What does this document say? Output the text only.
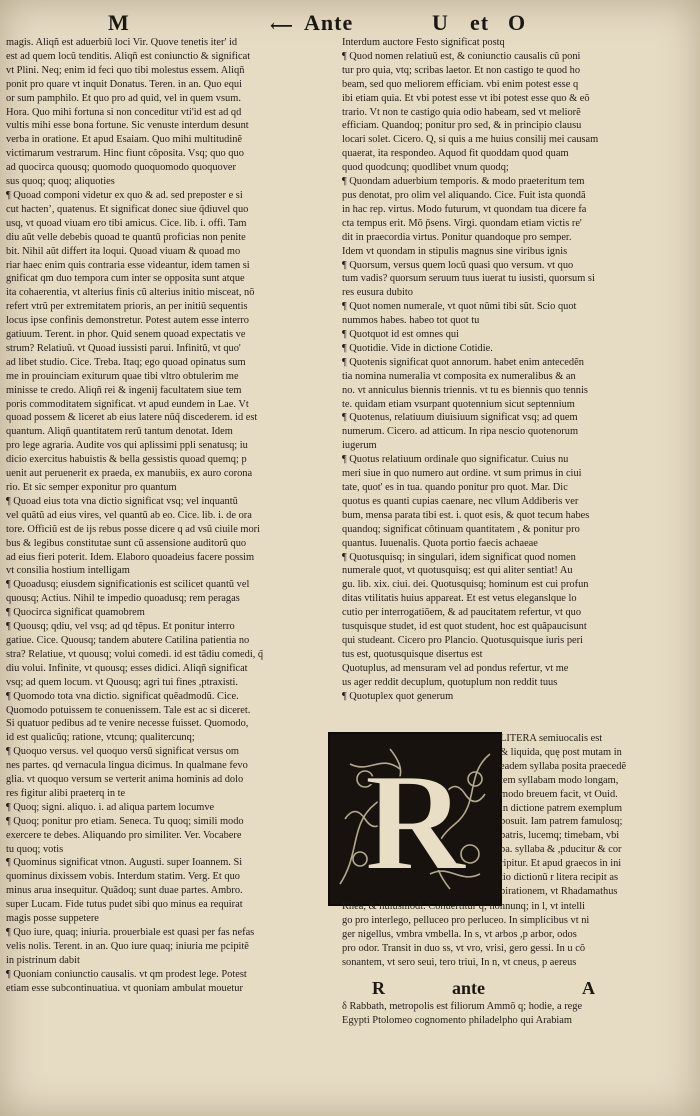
M	⟵ Ante	U et O
magis. Aliqñ est aduerbiũ loci Vir. Quove tenetis iter' id
est ad quem locũ tenditis. Aliqñ est coniunctio & significat
vt Plini. Neq; enim id feci quo tibi molestus essem. Aliqñ
ponit pro quare vt inquit Donatus. Teren. in an. Quo equi
or sum pamphilo. Et quo pro ad quid, vel in quem vsum.
Hora. Quo mihi fortuna si non conceditur vti'id est ad qd
vultis mihi esse bona fortune. Sic venuste interdum desunt
verba in oratione. Et apud Esaiam. Quo mihi multitudinẽ
victimarum vestrarum. Hinc fiunt cõposita. Vsq; quo quo
ad quocirca quousq; quomodo quoquomodo quoquover
sus quoq; quoq; aliquoties
¶ Quoad componi videtur ex quo & ad. sed preposter e si
cut hactenʼ, quatenus. Et significat donec siue q̃diuvel quo
usq, vt quoad viuam ero tibi amicus. Cice. lib. i. offi. Tam
diu aũt velle debebis quoad te quantũ proficias non penite
bit. Nihil aũt differt ita loqui. Quoad viuam & quoad mo
riar haec enim quis contraria esse videantur, idem tamen si
gnificat qm duo tempora cum inter se opposita sunt atque
ita cohaerentia, vt alterius finis cũ alterius initio misceat, nõ
refert vtrũ per extremitatem prioris, an per initiũ sequentis
locus ipse confinis demonstretur. Potest autem esse interro
gatiuum. Terent. in phor. Quid senem quoad expectatis ve
strum? Relatiuũ. vt Quoad iussisti parui. Infinitũ, vt quo'
ad libet studio. Cice. Treba. Itaq; ego quoad opinatus sum
me in prouinciam exiturum quae tibi vltro obtulerim me
minisse te credo. Aliqñ rei & ingenij facultatem siue tem
poris commoditatem significat. vt apud eundem in Lae. Vt
quoad possem & liceret ab eius latere nũq̃ discederem. id est
quantum. Aliqñ quantitatem rerũ tantum denotat. Idem
pro lege agraria. Audite vos qui aplissimi ppli senatusq; iu
dicio exercitus habuistis & bella gessistis quoad quemq; p
uenit aut peruenerit ex praeda, ex manubiis, ex auro corona
rio. Et sic semper exponitur pro quantum
¶ Quoad eius tota vna dictio significat vsq; vel inquantũ
vel quãtũ ad eius vires, vel quantũ ab eo. Cice. lib. i. de ora
tore. Officiũ est de ijs rebus posse dicere q ad vsũ ciuile mori
bus & legibus constitutae sunt cũ assensione auditorũ quo
ad eius fieri poterit. Idem. Elaboro quoadeius facere possim
vt consilia hostium intelligam
¶ Quoadusq; eiusdem significationis est scilicet quantũ vel
quousq; Actius. Nihil te impedio quoadusq; rem peragas
¶ Quocirca significat quamobrem
¶ Quousq; qdiu, vel vsq; ad qd tẽpus. Et ponitur interro
gatiue. Cice. Quousq; tandem abutere Catilina patientia no
stra? Relatiue, vt quousq; volui comedi. id est tãdiu comedi, q̃
diu volui. Infinite, vt quousq; esses didici. Aliqñ significat
vsq; ad quem locum. vt Quousq; agri tui fines ,ptraxisti.
¶ Quomodo tota vna dictio. significat quẽadmodũ. Cice.
Quomodo potuissem te conuenissem. Tale est ac si diceret.
Si quatuor pedibus ad te venire necesse fuisset. Quomodo,
id est qualicũq; ratione, vtcunq; qualitercunq;
¶ Quoquo versus. vel quoquo versũ significat versus om
nes partes. qd vernacula lingua dicimus. In qualmane fevo
glia. vt quoquo versum se verterit anima hominis ad dolo
res figitur alibi praeterq in te
¶ Quoq; signi. aliquo. i. ad aliqua partem locumve
¶ Quoq; ponitur pro etiam. Seneca. Tu quoq; simili modo
exercere te debes. Aliquando pro similiter. Ver. Vocabere
tu quoq; votis
¶ Quominus significat vtnon. Augusti. super Ioannem. Si
quominus dixissem vobis. Interdum statim. Verg. Et quo
minus arua insequitur. Quãdoq; sunt duae partes. Ambro.
super Lucam. Fide tutus pudet sibi quo minus ea requirat
magis posse suppetere
¶ Quo iure, quaq; iniuria. prouerbiale est quasi per fas nefas
velis nolis. Terent. in an. Quo iure quaq; iniuria me pcipitẽ
in pistrinum dabit
¶ Quoniam coniunctio causalis. vt qm prodest lege. Potest
etiam esse subcontinuatiua. vt quoniam ambulat mouetur
Interdum auctore Festo significat postq
¶ Quod nomen relatiuũ est, & coniunctio causalis cũ poni
tur pro quia, vtq; scribas laetor. Et non castigo te quod ho
beam, sed quo meliorem efficiam. vbi enim potest esse q
ibi etiam quia. Et vbi potest esse vt ibi potest esse quo & eõ
trario. Vt non te castigo quia odio habeam, sed vt meliorẽ
efficiam. Quandoq; ponitur pro sed, & in principio clausu
locari solet. Cicero. Q, si quis a me huius consilij mei causam
quaerat, ita respondeo. Aquod fit quoddam quod quam
quod quodcunq; quodlibet vnum quodq;
¶ Quondam aduerbium temporis. & modo praeteritum tem
pus denotat, pro olim vel aliquando. Cice. Fuit ista quondã
in hac rep. virtus. Modo futurum, vt quondam tua dicere fa
cta tempus erit. Mõ p̃sens. Virgi. quondam etiam victis re'
dit in praecordia virtus. Ponitur quandoque pro semper.
Idem vt quondam in stipulis magnus sine viribus ignis
¶ Quorsum, versus quem locũ quasi quo versum. vt quo
tum vadis? quorsum seruum tuus iuerat tu iusisti, quorsum si
res eusura dubito
¶ Quot nomen numerale, vt quot nũmi tibi sũt. Scio quot
nummos habes. habeo tot quot tu
¶ Quotquot id est omnes qui
¶ Quotidie. Vide in dictione Cotidie.
¶ Quotenis significat quot annorum. habet enim antecedẽn
tia nomina numeralia vt composita ex numeralibus & an
no. vt anniculus biennis triennis. vt tu es biennis quo tennis
te. quidam etiam vsurpant quotennium sicut septennium
¶ Quotenus, relatiuum diuisiuum significat vsq; ad quem
numerum. Cicero. ad atticum. In ripa nescio quotenorum
iugerum
¶ Quotus relatiuum ordinale quo significatur. Cuius nu
meri siue in quo numero aut ordine. vt sum primus in ciui
tate, quot' es in tua. quando ponitur pro quot. Mar. Dic
quotus es quanti cupias caenare, nec vllum Addiberis ver
bum, mensa parata tibi est. i. quot esis, & quot tecum habes
quandoq; significat cõtinuam quantitatem , & ponitur pro
quantus. Iuuenalis. Quota portio faecis achaeae
¶ Quotusquisq; in singulari, idem significat quod nomen
numerale quot, vt quotusquisq; est qui aliter sentiat! Au
gu. lib. xix. ciui. dei. Quotusquisq; hominum est cui profun
ditas vtilitatis huius appareat. Et est vetus eleganslque lo
cutio per interrogatiõem, & ad paucitatem refertur, vt quo
tusquisque studet, id est quot student, hoc est quãpaucisunt
qui studeant. Cicero pro Plancio. Quotusquisque iuris peri
tus est, quotusquisque disertus est
Quotuplus, ad mensuram vel ad pondus refertur, vt me
us ager reddit decuplum, quotuplum non reddit tuus
¶ Quotuplex quot generum
R
LITERA semiuocalis est
& liquida, quę post mutam in
eadem syllaba posita praecedẽ
tem syllabam modo longam,
modo breuem facit, vt Ouid.
in dictione patrem exemplum
posuit. Iam patrem famulosq;
patris, lucemq; timebam, vbi
pa. syllaba & ,pducitur & cor
ripitur. Et apud graecos in ini
tio dictionũ r litera recipit as
pirationem, vt Rhadamathus
Rhea, & huiusmodi. Conuertitur q; nonnunq; in l, vt intelli
go pro interlego, pelluceo pro perluceo. In simplicibus vt ni
ger nigellus, vmbra vmbella. In s, vt arbos ,p arbor, odos
pro odor. Transit in duo ss, vt vro, vrisi, gero gessi. In u cõ
sonantem, vt sero seui, tero triui, In n, vt cneus, p aereus
R	ante	A
δ Rabbath, metropolis est filiorum Ammõ q; hodie, a rege
Egypti Ptolomeo cognomento philadelpho qui Arabiam
